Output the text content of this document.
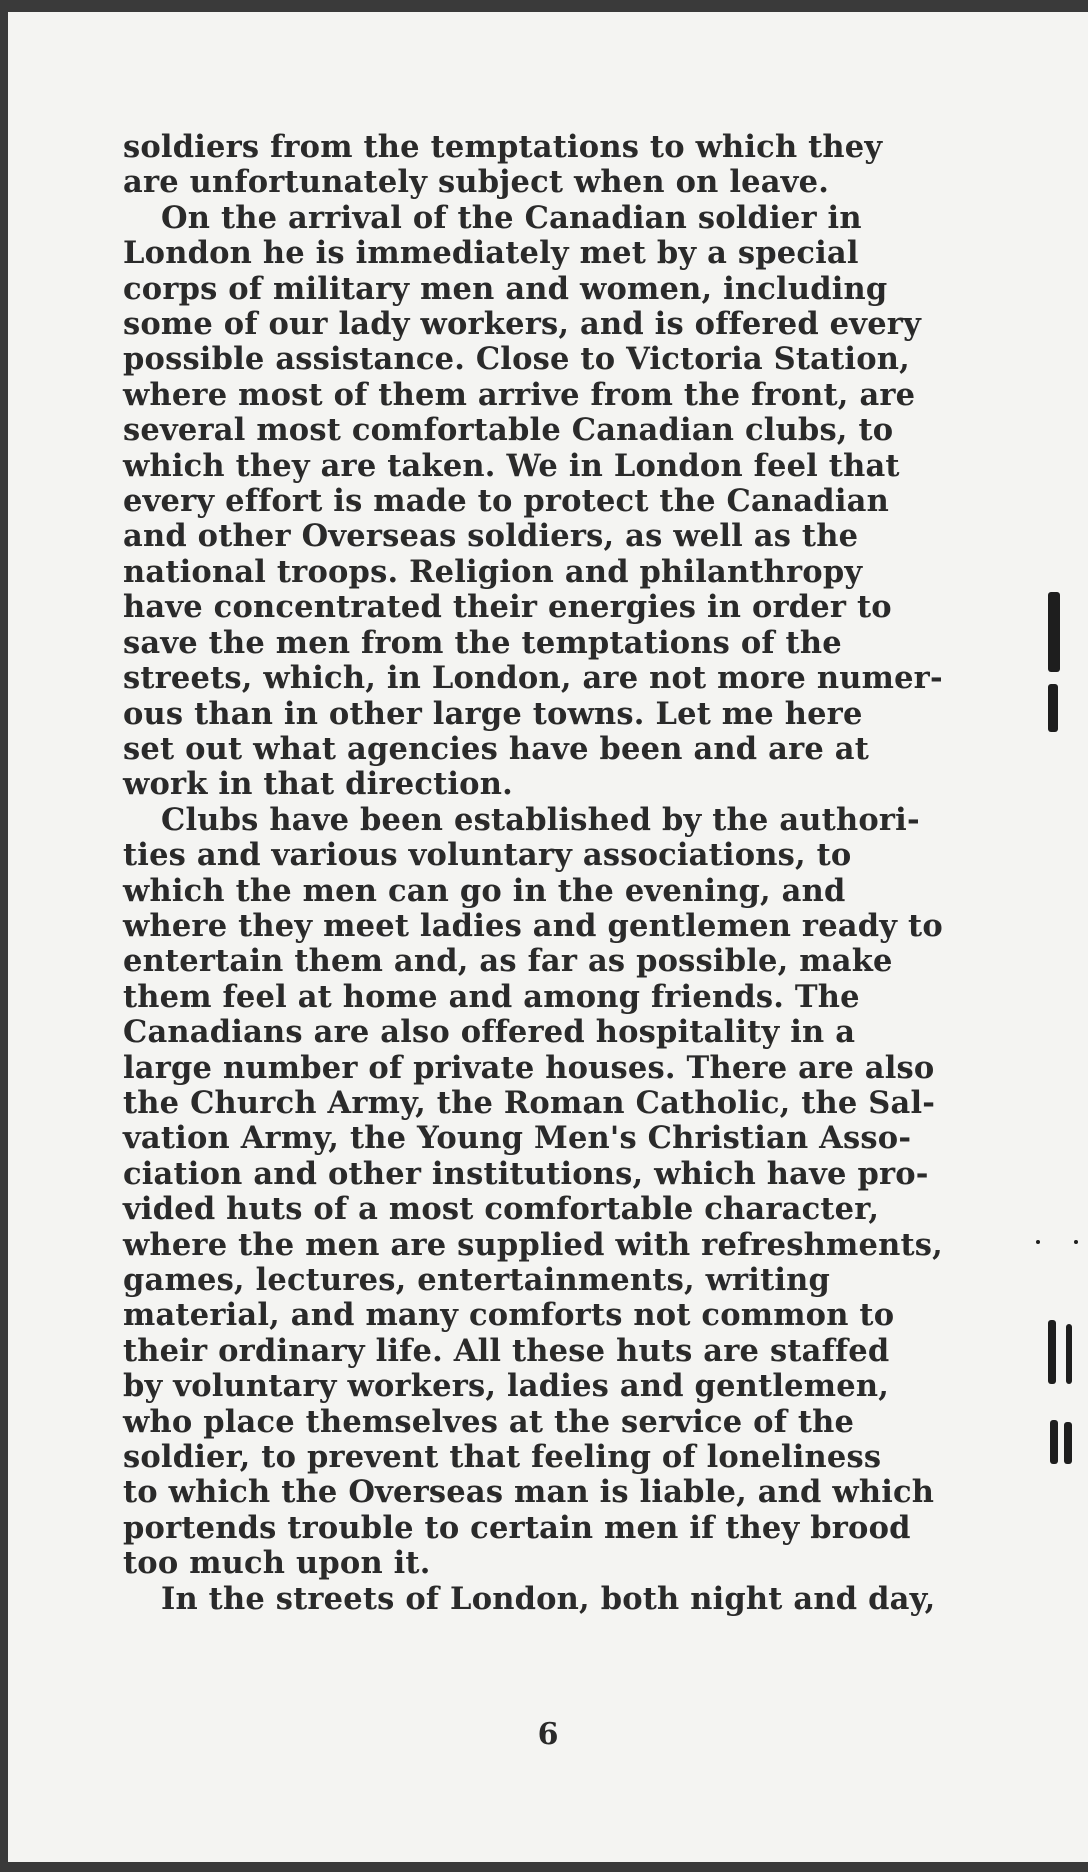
soldiers from the temptations to which they
are unfortunately subject when on leave.

On the arrival of the Canadian soldier in
London he is immediately met by a special
corps of military men and women, including
some of our lady workers, and is offered every
possible assistance. Close to Victoria Station,
where most of them arrive from the front, are
several most comfortable Canadian clubs, to
which they are taken. We in London feel that
every effort is made to protect the Canadian
and other Overseas soldiers, as well as the
national troops. Religion and philanthropy
have concentrated their energies in order to
save the men from the temptations of the
streets, which, in London, are not more numer-
ous than in other large towns. Let me here
set out what agencies have been and are at
work in that direction.

Clubs have been established by the authori-
ties and various voluntary associations, to
which the men can go in the evening, and
where they meet ladies and gentlemen ready to
entertain them and, as far as possible, make
them feel at home and among friends. The
Canadians are also offered hospitality in a
large number of private houses. There are also
the Church Army, the Roman Catholic, the Sal-
vation Army, the Young Men's Christian Asso-
ciation and other institutions, which have pro-
vided huts of a most comfortable character,
where the men are supplied with refreshments,
games, lectures, entertainments, writing
material, and many comforts not common to
their ordinary life. All these huts are staffed
by voluntary workers, ladies and gentlemen,
who place themselves at the service of the
soldier, to prevent that feeling of loneliness
to which the Overseas man is liable, and which
portends trouble to certain men if they brood
too much upon it.

In the streets of London, both night and day,

6
